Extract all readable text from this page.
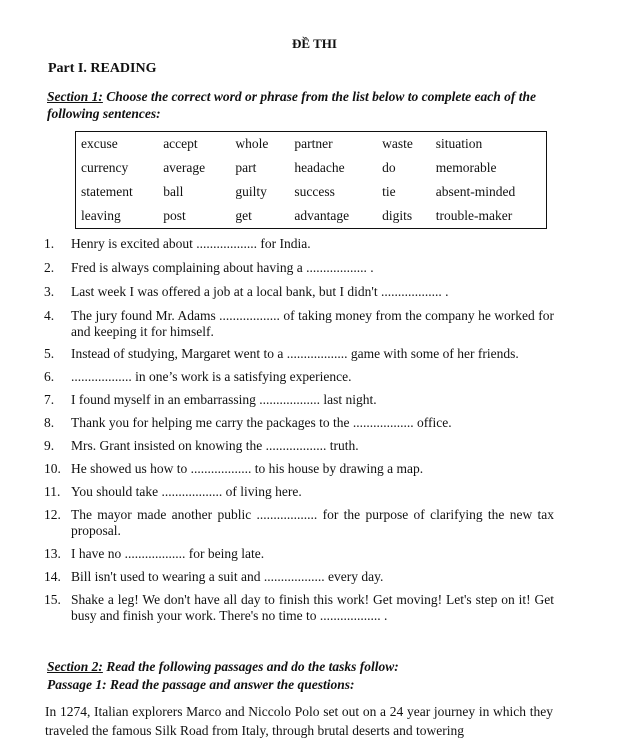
ĐỀ THI
Part I. READING
Section 1: Choose the correct word or phrase from the list below to complete each of the following sentences:
excuse	accept	whole	partner	waste	situation
currency	average	part	headache	do	memorable
statement	ball	guilty	success	tie	absent-minded
leaving	post	get	advantage	digits	trouble-maker
1. Henry is excited about .................. for India.
2. Fred is always complaining about having a .................. .
3. Last week I was offered a job at a local bank, but I didn't .................. .
4. The jury found Mr. Adams .................. of taking money from the company he worked for and keeping it for himself.
5. Instead of studying, Margaret went to a .................. game with some of her friends.
6. .................. in one’s work is a satisfying experience.
7. I found myself in an embarrassing .................. last night.
8. Thank you for helping me carry the packages to the .................. office.
9. Mrs. Grant insisted on knowing the .................. truth.
10. He showed us how to .................. to his house by drawing a map.
11. You should take .................. of living here.
12. The mayor made another public .................. for the purpose of clarifying the new tax proposal.
13. I have no .................. for being late.
14. Bill isn't used to wearing a suit and .................. every day.
15. Shake a leg! We don't have all day to finish this work! Get moving! Let's step on it! Get busy and finish your work. There's no time to .................. .
Section 2: Read the following passages and do the tasks follow:
Passage 1: Read the passage and answer the questions:
In 1274, Italian explorers Marco and Niccolo Polo set out on a 24 year journey in which they traveled the famous Silk Road from Italy, through brutal deserts and towering
